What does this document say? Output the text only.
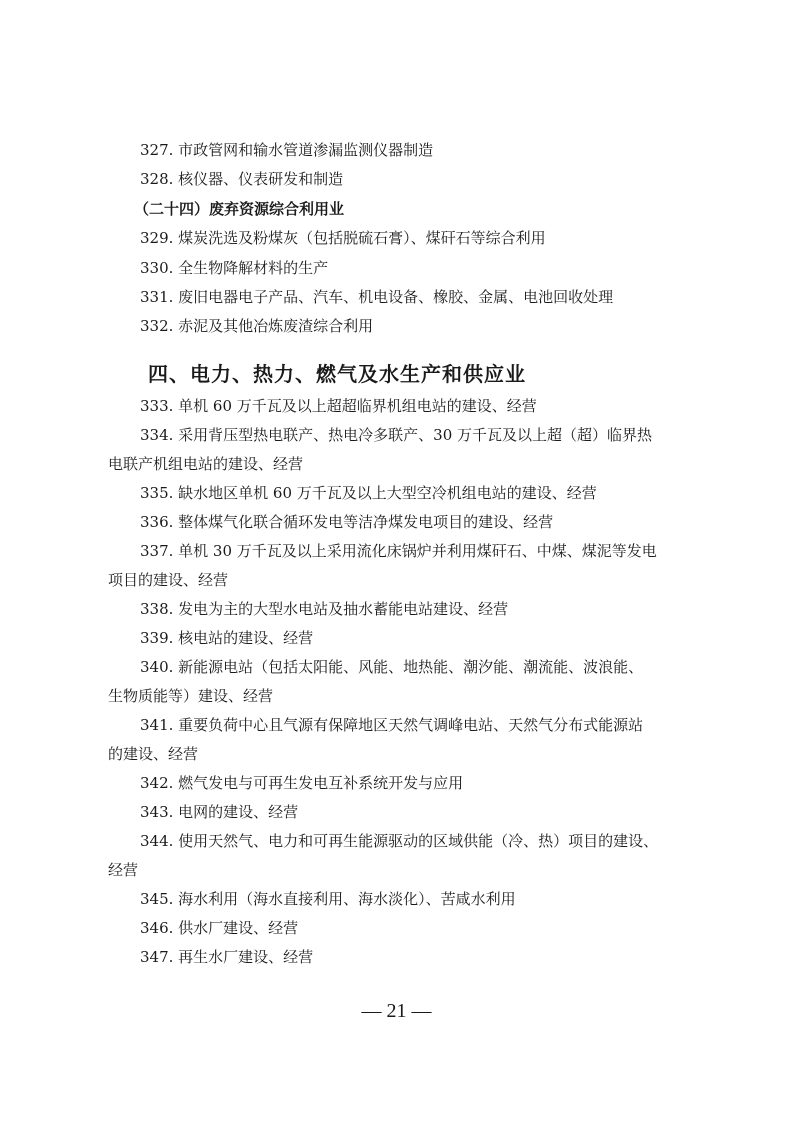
327. 市政管网和输水管道渗漏监测仪器制造
328. 核仪器、仪表研发和制造
（二十四）废弃资源综合利用业
329. 煤炭洗选及粉煤灰（包括脱硫石膏）、煤矸石等综合利用
330. 全生物降解材料的生产
331. 废旧电器电子产品、汽车、机电设备、橡胶、金属、电池回收处理
332. 赤泥及其他冶炼废渣综合利用
四、电力、热力、燃气及水生产和供应业
333. 单机 60 万千瓦及以上超超临界机组电站的建设、经营
334. 采用背压型热电联产、热电冷多联产、30 万千瓦及以上超（超）临界热
电联产机组电站的建设、经营
335. 缺水地区单机 60 万千瓦及以上大型空冷机组电站的建设、经营
336. 整体煤气化联合循环发电等洁净煤发电项目的建设、经营
337. 单机 30 万千瓦及以上采用流化床锅炉并利用煤矸石、中煤、煤泥等发电
项目的建设、经营
338. 发电为主的大型水电站及抽水蓄能电站建设、经营
339. 核电站的建设、经营
340. 新能源电站（包括太阳能、风能、地热能、潮汐能、潮流能、波浪能、
生物质能等）建设、经营
341. 重要负荷中心且气源有保障地区天然气调峰电站、天然气分布式能源站
的建设、经营
342. 燃气发电与可再生发电互补系统开发与应用
343. 电网的建设、经营
344. 使用天然气、电力和可再生能源驱动的区域供能（冷、热）项目的建设、
经营
345. 海水利用（海水直接利用、海水淡化）、苦咸水利用
346. 供水厂建设、经营
347. 再生水厂建设、经营
— 21 —
